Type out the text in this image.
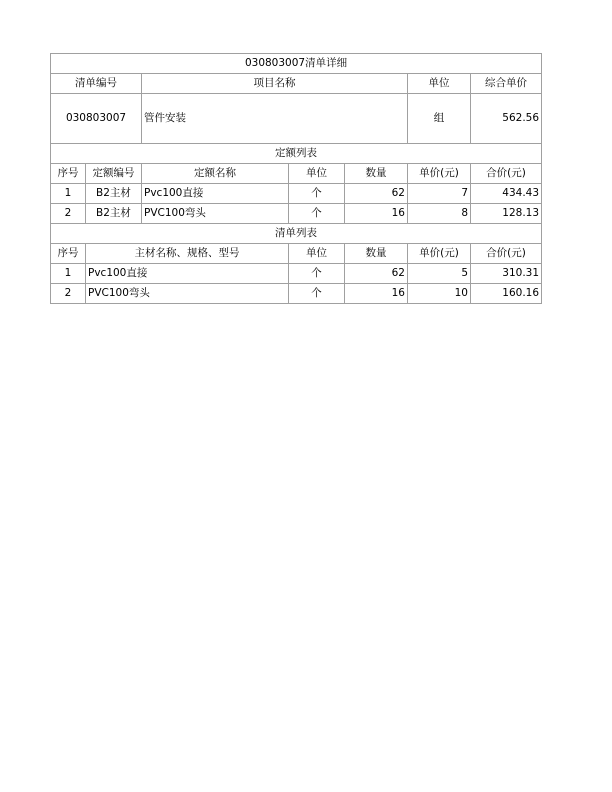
030803007清单详细						
清单编号		项目名称			单位	综合单价
030803007		管件安装			组	562.56
定额列表						
序号	定额编号	定额名称	单位	数量	单价(元)	合价(元)
1	B2主材	Pvc100直接	个	62	7	434.43
2	B2主材	PVC100弯头	个	16	8	128.13
清单列表						
序号	主材名称、规格、型号		单位	数量	单价(元)	合价(元)
1	Pvc100直接		个	62	5	310.31
2	PVC100弯头		个	16	10	160.16
